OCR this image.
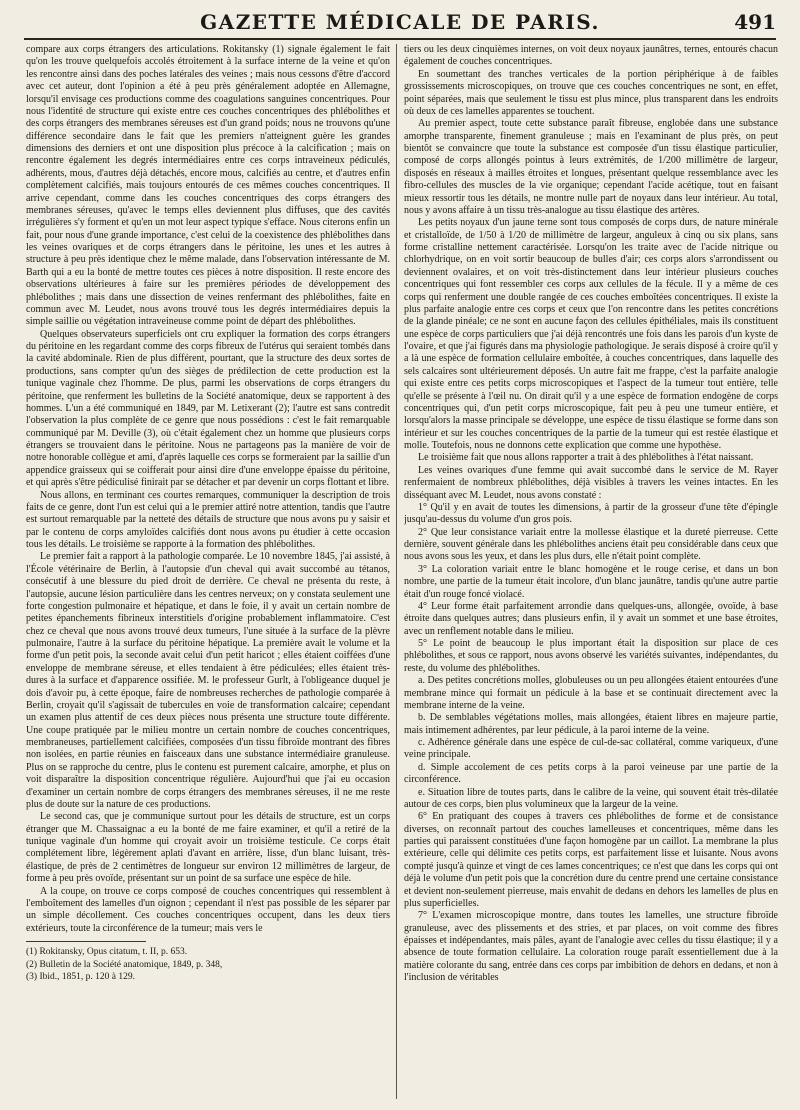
GAZETTE MÉDICALE DE PARIS.	491

compare aux corps étrangers des articulations. Rokitansky (1) signale également le fait qu'on les trouve quelquefois accolés étroitement à la surface interne de la veine et qu'on les rencontre ainsi dans des poches latérales des veines ; mais nous cessons d'être d'accord avec cet auteur, dont l'opinion a été à peu près généralement adoptée en Allemagne, lorsqu'il envisage ces productions comme des coagulations sanguines concentriques. Pour nous l'identité de structure qui existe entre ces couches concentriques des phlébolithes et des corps étrangers des membranes séreuses est d'un grand poids; nous ne trouvons qu'une différence secondaire dans le fait que les premiers n'atteignent guère les grandes dimensions des derniers et ont une disposition plus précoce à la calcification ; mais on rencontre également les degrés intermédiaires entre ces corps intraveineux pédiculés, adhérents, mous, d'autres déjà détachés, encore mous, calcifiés au centre, et d'autres enfin complètement calcifiés, mais toujours entourés de ces mêmes couches concentriques. Il arrive cependant, comme dans les couches concentriques des corps étrangers des membranes séreuses, qu'avec le temps elles deviennent plus diffuses, que des cavités irrégulières s'y forment et qu'en un mot leur aspect typique s'efface. Nous citerons enfin un fait, pour nous d'une grande importance, c'est celui de la coexistence des phlébolithes dans les veines ovariques et de corps étrangers dans le péritoine, les unes et les autres à structure à peu près identique chez le même malade, dans l'observation intéressante de M. Barth qui a eu la bonté de mettre toutes ces pièces à notre disposition. Il reste encore des observations ultérieures à faire sur les premières périodes de développement des phlébolithes ; mais dans une dissection de veines renfermant des phlébolithes, faite en commun avec M. Leudet, nous avons trouvé tous les degrés intermédiaires depuis la simple saillie ou végétation intraveineuse comme point de départ des phlébolithes.

Quelques observateurs superficiels ont cru expliquer la formation des corps étrangers du péritoine en les regardant comme des corps fibreux de l'utérus qui seraient tombés dans la cavité abdominale. Rien de plus différent, pourtant, que la structure des deux sortes de productions, sans compter qu'un des sièges de prédilection de cette production est la tunique vaginale chez l'homme. De plus, parmi les observations de corps étrangers du péritoine, que renferment les bulletins de la Société anatomique, deux se rapportent à des hommes. L'un a été communiqué en 1849, par M. Letixerant (2); l'autre est sans contredit l'observation la plus complète de ce genre que nous possédions : c'est le fait remarquable communiqué par M. Deville (3), où c'était également chez un homme que plusieurs corps étrangers se trouvaient dans le péritoine. Nous ne partageons pas la manière de voir de notre honorable collègue et ami, d'après laquelle ces corps se formeraient par la saillie d'un appendice graisseux qui se coifferait pour ainsi dire d'une enveloppe épaisse du péritoine, et qui après s'être pédiculisé finirait par se détacher et par devenir un corps flottant et libre.

Nous allons, en terminant ces courtes remarques, communiquer la description de trois faits de ce genre, dont l'un est celui qui a le premier attiré notre attention, tandis que l'autre est surtout remarquable par la netteté des détails de structure que nous avons pu y saisir et par le contenu de corps amyloïdes calcifiés dont nous avons pu étudier à cette occasion tous les détails. Le troisième se rapporte à la formation des phlébolithes.

Le premier fait a rapport à la pathologie comparée. Le 10 novembre 1845, j'ai assisté, à l'École vétérinaire de Berlin, à l'autopsie d'un cheval qui avait succombé au tétanos, consécutif à une blessure du pied droit de derrière. Ce cheval ne présenta du reste, à l'autopsie, aucune lésion particulière dans les centres nerveux; on y constata seulement une forte congestion pulmonaire et hépatique, et dans le foie, il y avait un certain nombre de petites épanchements fibrineux interstitiels d'origine probablement inflammatoire. C'est chez ce cheval que nous avons trouvé deux tumeurs, l'une située à la surface de la plèvre pulmonaire, l'autre à la surface du péritoine hépatique. La première avait le volume et la forme d'un petit pois, la seconde avait celui d'un petit haricot ; elles étaient coiffées d'une enveloppe de membrane séreuse, et elles tendaient à être pédiculées; elles étaient très-dures à la surface et d'apparence ossifiée. M. le professeur Gurlt, à l'obligeance duquel je dois d'avoir pu, à cette époque, faire de nombreuses recherches de pathologie comparée à Berlin, croyait qu'il s'agissait de tubercules en voie de transformation calcaire; cependant un examen plus attentif de ces deux pièces nous présenta une structure toute différente. Une coupe pratiquée par le milieu montre un certain nombre de couches concentriques, membraneuses, partiellement calcifiées, composées d'un tissu fibroïde montrant des fibres non isolées, en partie réunies en faisceaux dans une substance intermédiaire granuleuse. Plus on se rapproche du centre, plus le contenu est purement calcaire, amorphe, et plus on voit disparaître la disposition concentrique régulière. Aujourd'hui que j'ai eu occasion d'examiner un certain nombre de corps étrangers des membranes séreuses, il ne me reste plus de doute sur la nature de ces productions.

Le second cas, que je communique surtout pour les détails de structure, est un corps étranger que M. Chassaignac a eu la bonté de me faire examiner, et qu'il a retiré de la tunique vaginale d'un homme qui croyait avoir un troisième testicule. Ce corps était complétement libre, légèrement aplati d'avant en arrière, lisse, d'un blanc luisant, très-élastique, de près de 2 centimètres de longueur sur environ 12 millimètres de largeur, de forme à peu près ovoïde, présentant sur un point de sa surface une espèce de hile.

A la coupe, on trouve ce corps composé de couches concentriques qui ressemblent à l'emboîtement des lamelles d'un oignon ; cependant il n'est pas possible de les séparer par un simple décollement. Ces couches concentriques occupent, dans les deux tiers extérieurs, toute la circonférence de la tumeur; mais vers le

(1) Rokitansky, Opus citatum, t. II, p. 653.

(2) Bulletin de la Société anatomique, 1849, p. 348,

(3) Ibid., 1851, p. 120 à 129.

tiers ou les deux cinquièmes internes, on voit deux noyaux jaunâtres, ternes, entourés chacun également de couches concentriques.

En soumettant des tranches verticales de la portion périphérique à de faibles grossissements microscopiques, on trouve que ces couches concentriques ne sont, en effet, point séparées, mais que seulement le tissu est plus mince, plus transparent dans les endroits où deux de ces lamelles apparentes se touchent.

Au premier aspect, toute cette substance paraît fibreuse, englobée dans une substance amorphe transparente, finement granuleuse ; mais en l'examinant de plus près, on peut bientôt se convaincre que toute la substance est composée d'un tissu élastique particulier, composé de corps allongés pointus à leurs extrémités, de 1/200 millimètre de largeur, disposés en réseaux à mailles étroites et longues, présentant quelque ressemblance avec les fibro-cellules des muscles de la vie organique; cependant l'acide acétique, tout en faisant mieux ressortir tous les détails, ne montre nulle part de noyaux dans leur intérieur. Au total, nous y avons affaire à un tissu très-analogue au tissu élastique des artères.

Les petits noyaux d'un jaune terne sont tous composés de corps durs, de nature minérale et cristalloïde, de 1/50 à 1/20 de millimètre de largeur, anguleux à cinq ou six plans, sans forme cristalline nettement caractérisée. Lorsqu'on les traite avec de l'acide nitrique ou chlorhydrique, on en voit sortir beaucoup de bulles d'air; ces corps alors s'arrondissent ou deviennent ovalaires, et on voit très-distinctement dans leur intérieur plusieurs couches concentriques qui font ressembler ces corps aux cellules de la fécule. Il y a même de ces corps qui renferment une double rangée de ces couches emboîtées concentriques. Il existe la plus parfaite analogie entre ces corps et ceux que l'on rencontre dans les petites concrétions de la glande pinéale; ce ne sont en aucune façon des cellules épithéliales, mais ils constituent une espèce de corps particuliers que j'ai déjà rencontrés une fois dans les parois d'un kyste de l'ovaire, et que j'ai figurés dans ma physiologie pathologique. Je serais disposé à croire qu'il y a là une espèce de formation cellulaire emboîtée, à couches concentriques, dans laquelle des sels calcaires sont ultérieurement déposés. Un autre fait me frappe, c'est la parfaite analogie qui existe entre ces petits corps microscopiques et l'aspect de la tumeur tout entière, telle qu'elle se présente à l'œil nu. On dirait qu'il y a une espèce de formation endogène de corps concentriques qui, d'un petit corps microscopique, fait peu à peu une tumeur entière, et lorsqu'alors la masse principale se développe, une espèce de tissu élastique se forme dans son intérieur et sur les couches concentriques de la partie de la tumeur qui est restée élastique et molle. Toutefois, nous ne donnons cette explication que comme une hypothèse.

Le troisième fait que nous allons rapporter a trait à des phlébolithes à l'état naissant.

Les veines ovariques d'une femme qui avait succombé dans le service de M. Rayer renfermaient de nombreux phlébolithes, déjà visibles à travers les veines intactes. En les disséquant avec M. Leudet, nous avons constaté :

1° Qu'il y en avait de toutes les dimensions, à partir de la grosseur d'une tête d'épingle jusqu'au-dessus du volume d'un gros pois.

2° Que leur consistance variait entre la mollesse élastique et la dureté pierreuse. Cette dernière, souvent générale dans les phlébolithes anciens était peu considérable dans ceux que nous avons sous les yeux, et dans les plus durs, elle n'était point complète.

3° La coloration variait entre le blanc homogène et le rouge cerise, et dans un bon nombre, une partie de la tumeur était incolore, d'un blanc jaunâtre, tandis qu'une autre partie était d'un rouge foncé violacé.

4° Leur forme était parfaitement arrondie dans quelques-uns, allongée, ovoïde, à base étroite dans quelques autres; dans plusieurs enfin, il y avait un sommet et une base étroites, avec un renflement notable dans le milieu.

5° Le point de beaucoup le plus important était la disposition sur place de ces phlébolithes, et sous ce rapport, nous avons observé les variétés suivantes, indépendantes, du reste, du volume des phlébolithes.

a. Des petites concrétions molles, globuleuses ou un peu allongées étaient entourées d'une membrane mince qui formait un pédicule à la base et se continuait directement avec la membrane interne de la veine.

b. De semblables végétations molles, mais allongées, étaient libres en majeure partie, mais intimement adhérentes, par leur pédicule, à la paroi interne de la veine.

c. Adhérence générale dans une espèce de cul-de-sac collatéral, comme variqueux, d'une veine principale.

d. Simple accolement de ces petits corps à la paroi veineuse par une partie de la circonférence.

e. Situation libre de toutes parts, dans le calibre de la veine, qui souvent était très-dilatée autour de ces corps, bien plus volumineux que la largeur de la veine.

6° En pratiquant des coupes à travers ces phlébolithes de forme et de consistance diverses, on reconnaît partout des couches lamelleuses et concentriques, même dans les parties qui paraissent constituées d'une façon homogène par un caillot. La membrane la plus extérieure, celle qui délimite ces petits corps, est parfaitement lisse et luisante. Nous avons compté jusqu'à quinze et vingt de ces lames concentriques; ce n'est que dans les corps qui ont déjà le volume d'un petit pois que la concrétion dure du centre prend une certaine consistance et devient non-seulement pierreuse, mais envahit de dedans en dehors les lamelles de plus en plus superficielles.

7° L'examen microscopique montre, dans toutes les lamelles, une structure fibroïde granuleuse, avec des plissements et des stries, et par places, on voit comme des fibres épaisses et indépendantes, mais pâles, ayant de l'analogie avec celles du tissu élastique; il y a absence de toute formation cellulaire. La coloration rouge paraît essentiellement due à la matière colorante du sang, entrée dans ces corps par imbibition de dehors en dedans, et non à l'inclusion de véritables
